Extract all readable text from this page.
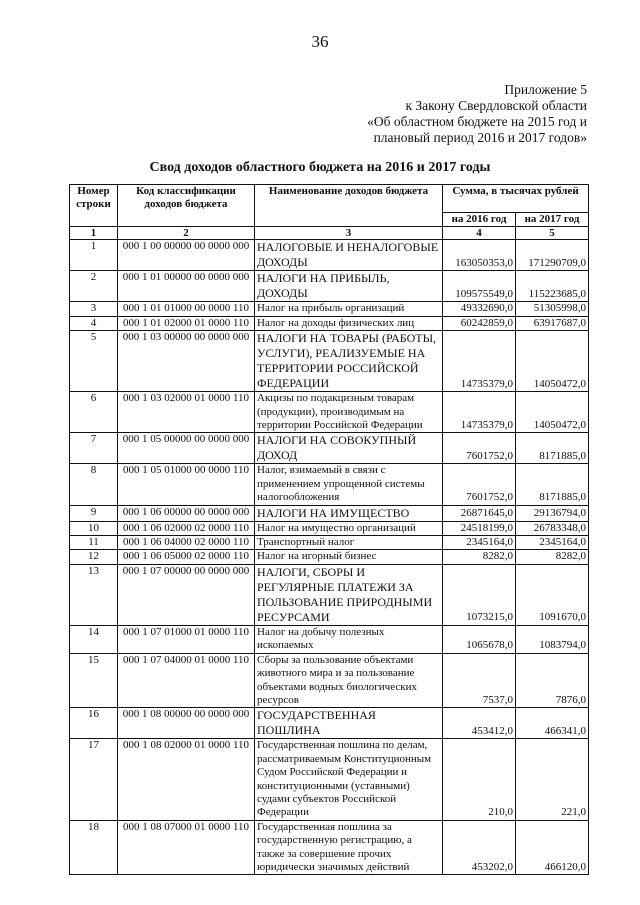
36
Приложение 5
к Закону Свердловской области
«Об областном бюджете на 2015 год и
плановый период 2016 и 2017 годов»
Свод доходов областного бюджета на 2016 и 2017 годы
Номер строки	Код классификации доходов бюджета	Наименование доходов бюджета	Сумма, в тысячах рублей	
			на 2016 год	на 2017 год
1	2	3	4	5
1	000 1 00 00000 00 0000 000	НАЛОГОВЫЕ И НЕНАЛОГОВЫЕ ДОХОДЫ	163050353,0	171290709,0
2	000 1 01 00000 00 0000 000	НАЛОГИ НА ПРИБЫЛЬ, ДОХОДЫ	109575549,0	115223685,0
3	000 1 01 01000 00 0000 110	Налог на прибыль организаций	49332690,0	51305998,0
4	000 1 01 02000 01 0000 110	Налог на доходы физических лиц	60242859,0	63917687,0
5	000 1 03 00000 00 0000 000	НАЛОГИ НА ТОВАРЫ (РАБОТЫ, УСЛУГИ), РЕАЛИЗУЕМЫЕ НА ТЕРРИТОРИИ РОССИЙСКОЙ ФЕДЕРАЦИИ	14735379,0	14050472,0
6	000 1 03 02000 01 0000 110	Акцизы по подакцизным товарам (продукции), производимым на территории Российской Федерации	14735379,0	14050472,0
7	000 1 05 00000 00 0000 000	НАЛОГИ НА СОВОКУПНЫЙ ДОХОД	7601752,0	8171885,0
8	000 1 05 01000 00 0000 110	Налог, взимаемый в связи с применением упрощенной системы налогообложения	7601752,0	8171885,0
9	000 1 06 00000 00 0000 000	НАЛОГИ НА ИМУЩЕСТВО	26871645,0	29136794,0
10	000 1 06 02000 02 0000 110	Налог на имущество организаций	24518199,0	26783348,0
11	000 1 06 04000 02 0000 110	Транспортный налог	2345164,0	2345164,0
12	000 1 06 05000 02 0000 110	Налог на игорный бизнес	8282,0	8282,0
13	000 1 07 00000 00 0000 000	НАЛОГИ, СБОРЫ И РЕГУЛЯРНЫЕ ПЛАТЕЖИ ЗА ПОЛЬЗОВАНИЕ ПРИРОДНЫМИ РЕСУРСАМИ	1073215,0	1091670,0
14	000 1 07 01000 01 0000 110	Налог на добычу полезных ископаемых	1065678,0	1083794,0
15	000 1 07 04000 01 0000 110	Сборы за пользование объектами животного мира и за пользование объектами водных биологических ресурсов	7537,0	7876,0
16	000 1 08 00000 00 0000 000	ГОСУДАРСТВЕННАЯ ПОШЛИНА	453412,0	466341,0
17	000 1 08 02000 01 0000 110	Государственная пошлина по делам, рассматриваемым Конституционным Судом Российской Федерации и конституционными (уставными) судами субъектов Российской Федерации	210,0	221,0
18	000 1 08 07000 01 0000 110	Государственная пошлина за государственную регистрацию, а также за совершение прочих юридически значимых действий	453202,0	466120,0
